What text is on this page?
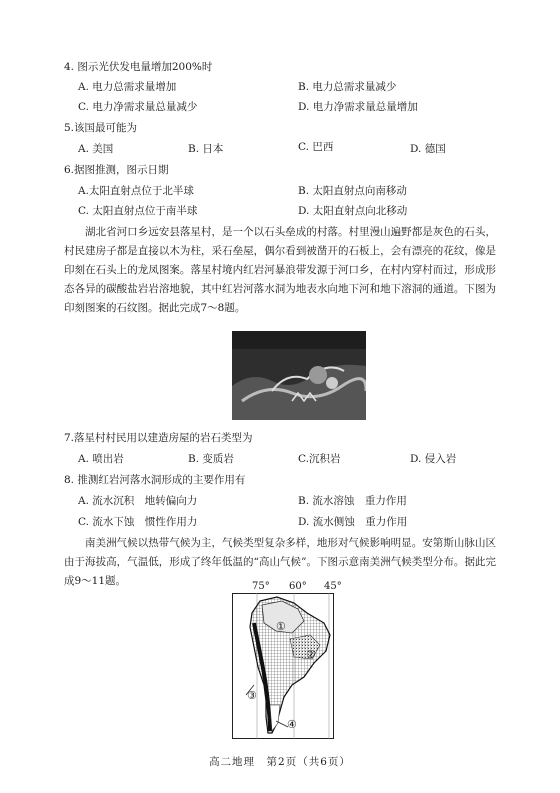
4. 图示光伏发电量增加200%时
A. 电力总需求量增加	B. 电力总需求量减少
C. 电力净需求量总量减少	D. 电力净需求量总量增加
5.该国最可能为
A. 美国	B. 日本	C. 巴西	D. 德国
6.据图推测，图示日期
A.太阳直射点位于北半球	B. 太阳直射点向南移动
C. 太阳直射点位于南半球	D. 太阳直射点向北移动
湖北省河口乡远安县落星村，是一个以石头垒成的村落。村里漫山遍野都是灰色的石头，村民建房子都是直接以木为柱，采石垒屋，偶尔看到被凿开的石板上，会有漂亮的花纹，像是印刻在石头上的龙凤图案。落星村境内红岩河暴浪带发源于河口乡，在村内穿村而过，形成形态各异的碳酸盐岩岩溶地貌，其中红岩河落水洞为地表水向地下河和地下溶洞的通道。下图为印刻图案的石纹图。据此完成7～8题。
7.落星村村民用以建造房屋的岩石类型为
A. 喷出岩	B. 变质岩	C.沉积岩	D. 侵入岩
8. 推测红岩河落水洞形成的主要作用有
A. 流水沉积　地转偏向力	B. 流水溶蚀　重力作用
C. 流水下蚀　惯性作用力	D. 流水侧蚀　重力作用
南美洲气候以热带气候为主，气候类型复杂多样，地形对气候影响明显。安第斯山脉山区由于海拔高，气温低，形成了终年低温的“高山气候”。下图示意南美洲气候类型分布。据此完成9～11题。	75° 60° 45°
①
②
③
④
高二地理　第2页（共6页）
